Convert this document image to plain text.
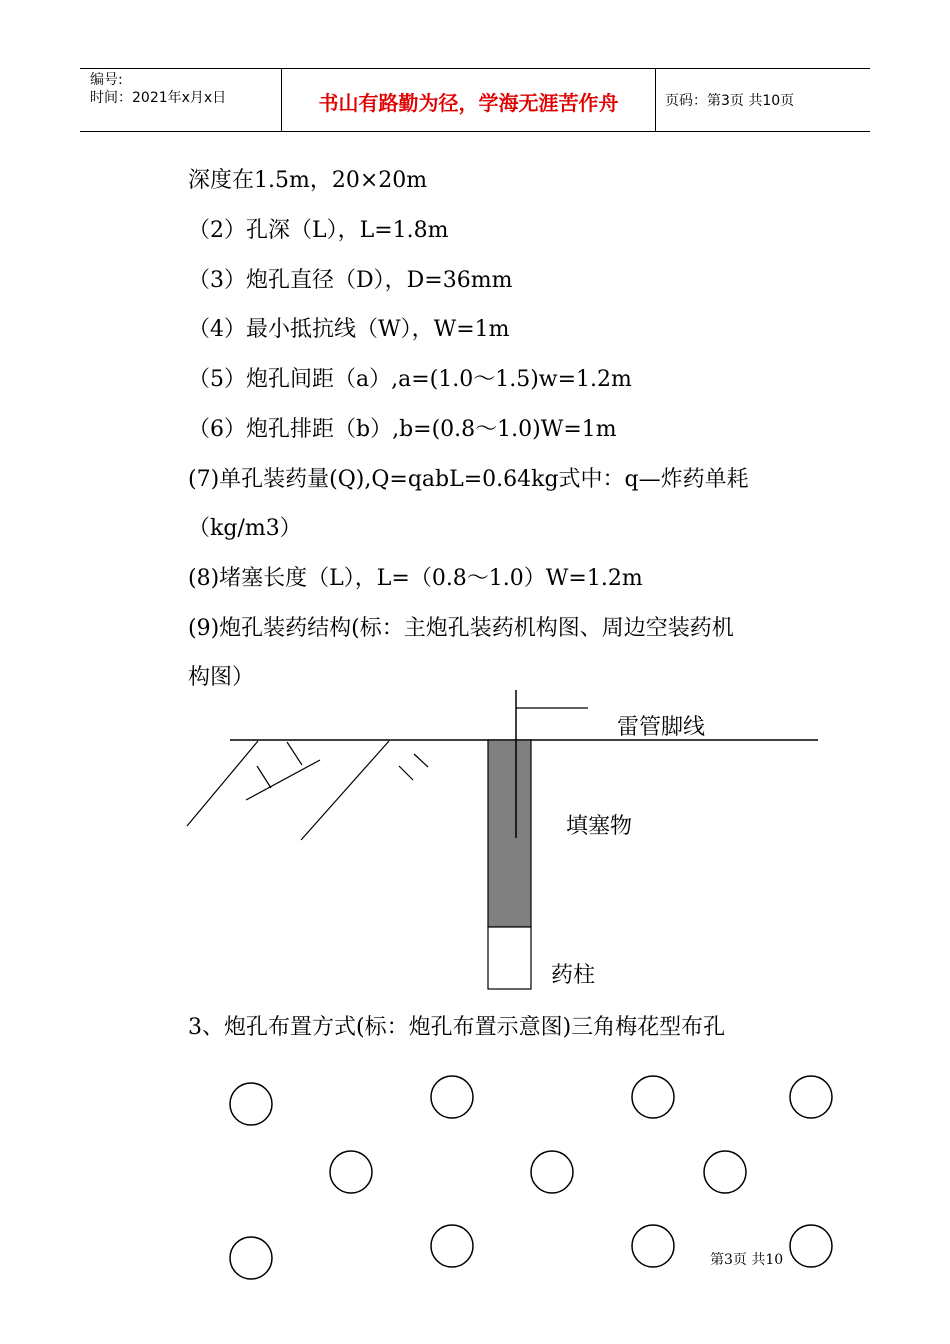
编号:
时间：2021年x月x日	书山有路勤为径，学海无涯苦作舟	页码：第3页 共10页
深度在1.5m，20×20m
（2）孔深（L），L=1.8m
（3）炮孔直径（D），D=36mm
（4）最小抵抗线（W），W=1m
（5）炮孔间距（a）,a=(1.0～1.5)w=1.2m
（6）炮孔排距（b）,b=(0.8～1.0)W=1m
(7)单孔装药量(Q),Q=qabL=0.64kg式中：q—炸药单耗
（kg/m3）
(8)堵塞长度（L），L=（0.8～1.0）W=1.2m
(9)炮孔装药结构(标：主炮孔装药机构图、周边空装药机
构图）
雷管脚线
填塞物
药柱
3、炮孔布置方式(标：炮孔布置示意图)三角梅花型布孔
第3页 共10
